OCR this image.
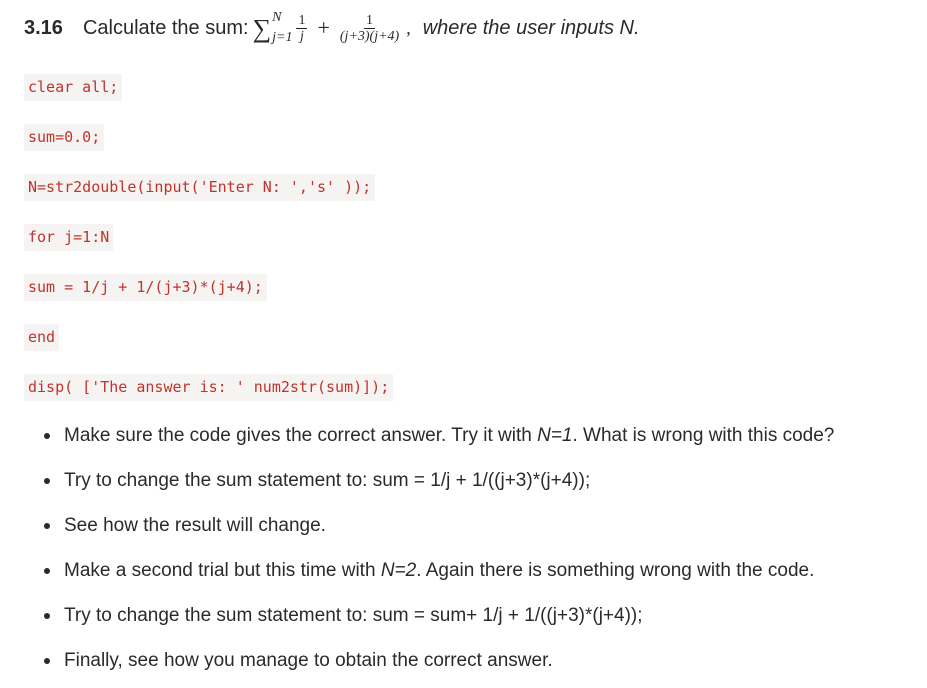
3.16 Calculate the sum: ∑ N
$j=1 \frac{1}{j} + \frac{1}{(j+3)(j+4)}$ , where the user inputs N.
clear all;
sum=0.0;
N=str2double(input('Enter N: ','s' ));
for j=1:N
sum = 1/j + 1/(j+3)*(j+4);
end
disp( ['The answer is: ' num2str(sum)]);
Make sure the code gives the correct answer. Try it with N=1. What is wrong with this code?
Try to change the sum statement to: sum = 1/j + 1/((j+3)*(j+4));
See how the result will change.
Make a second trial but this time with N=2. Again there is something wrong with the code.
Try to change the sum statement to: sum = sum+ 1/j + 1/((j+3)*(j+4));
Finally, see how you manage to obtain the correct answer.
